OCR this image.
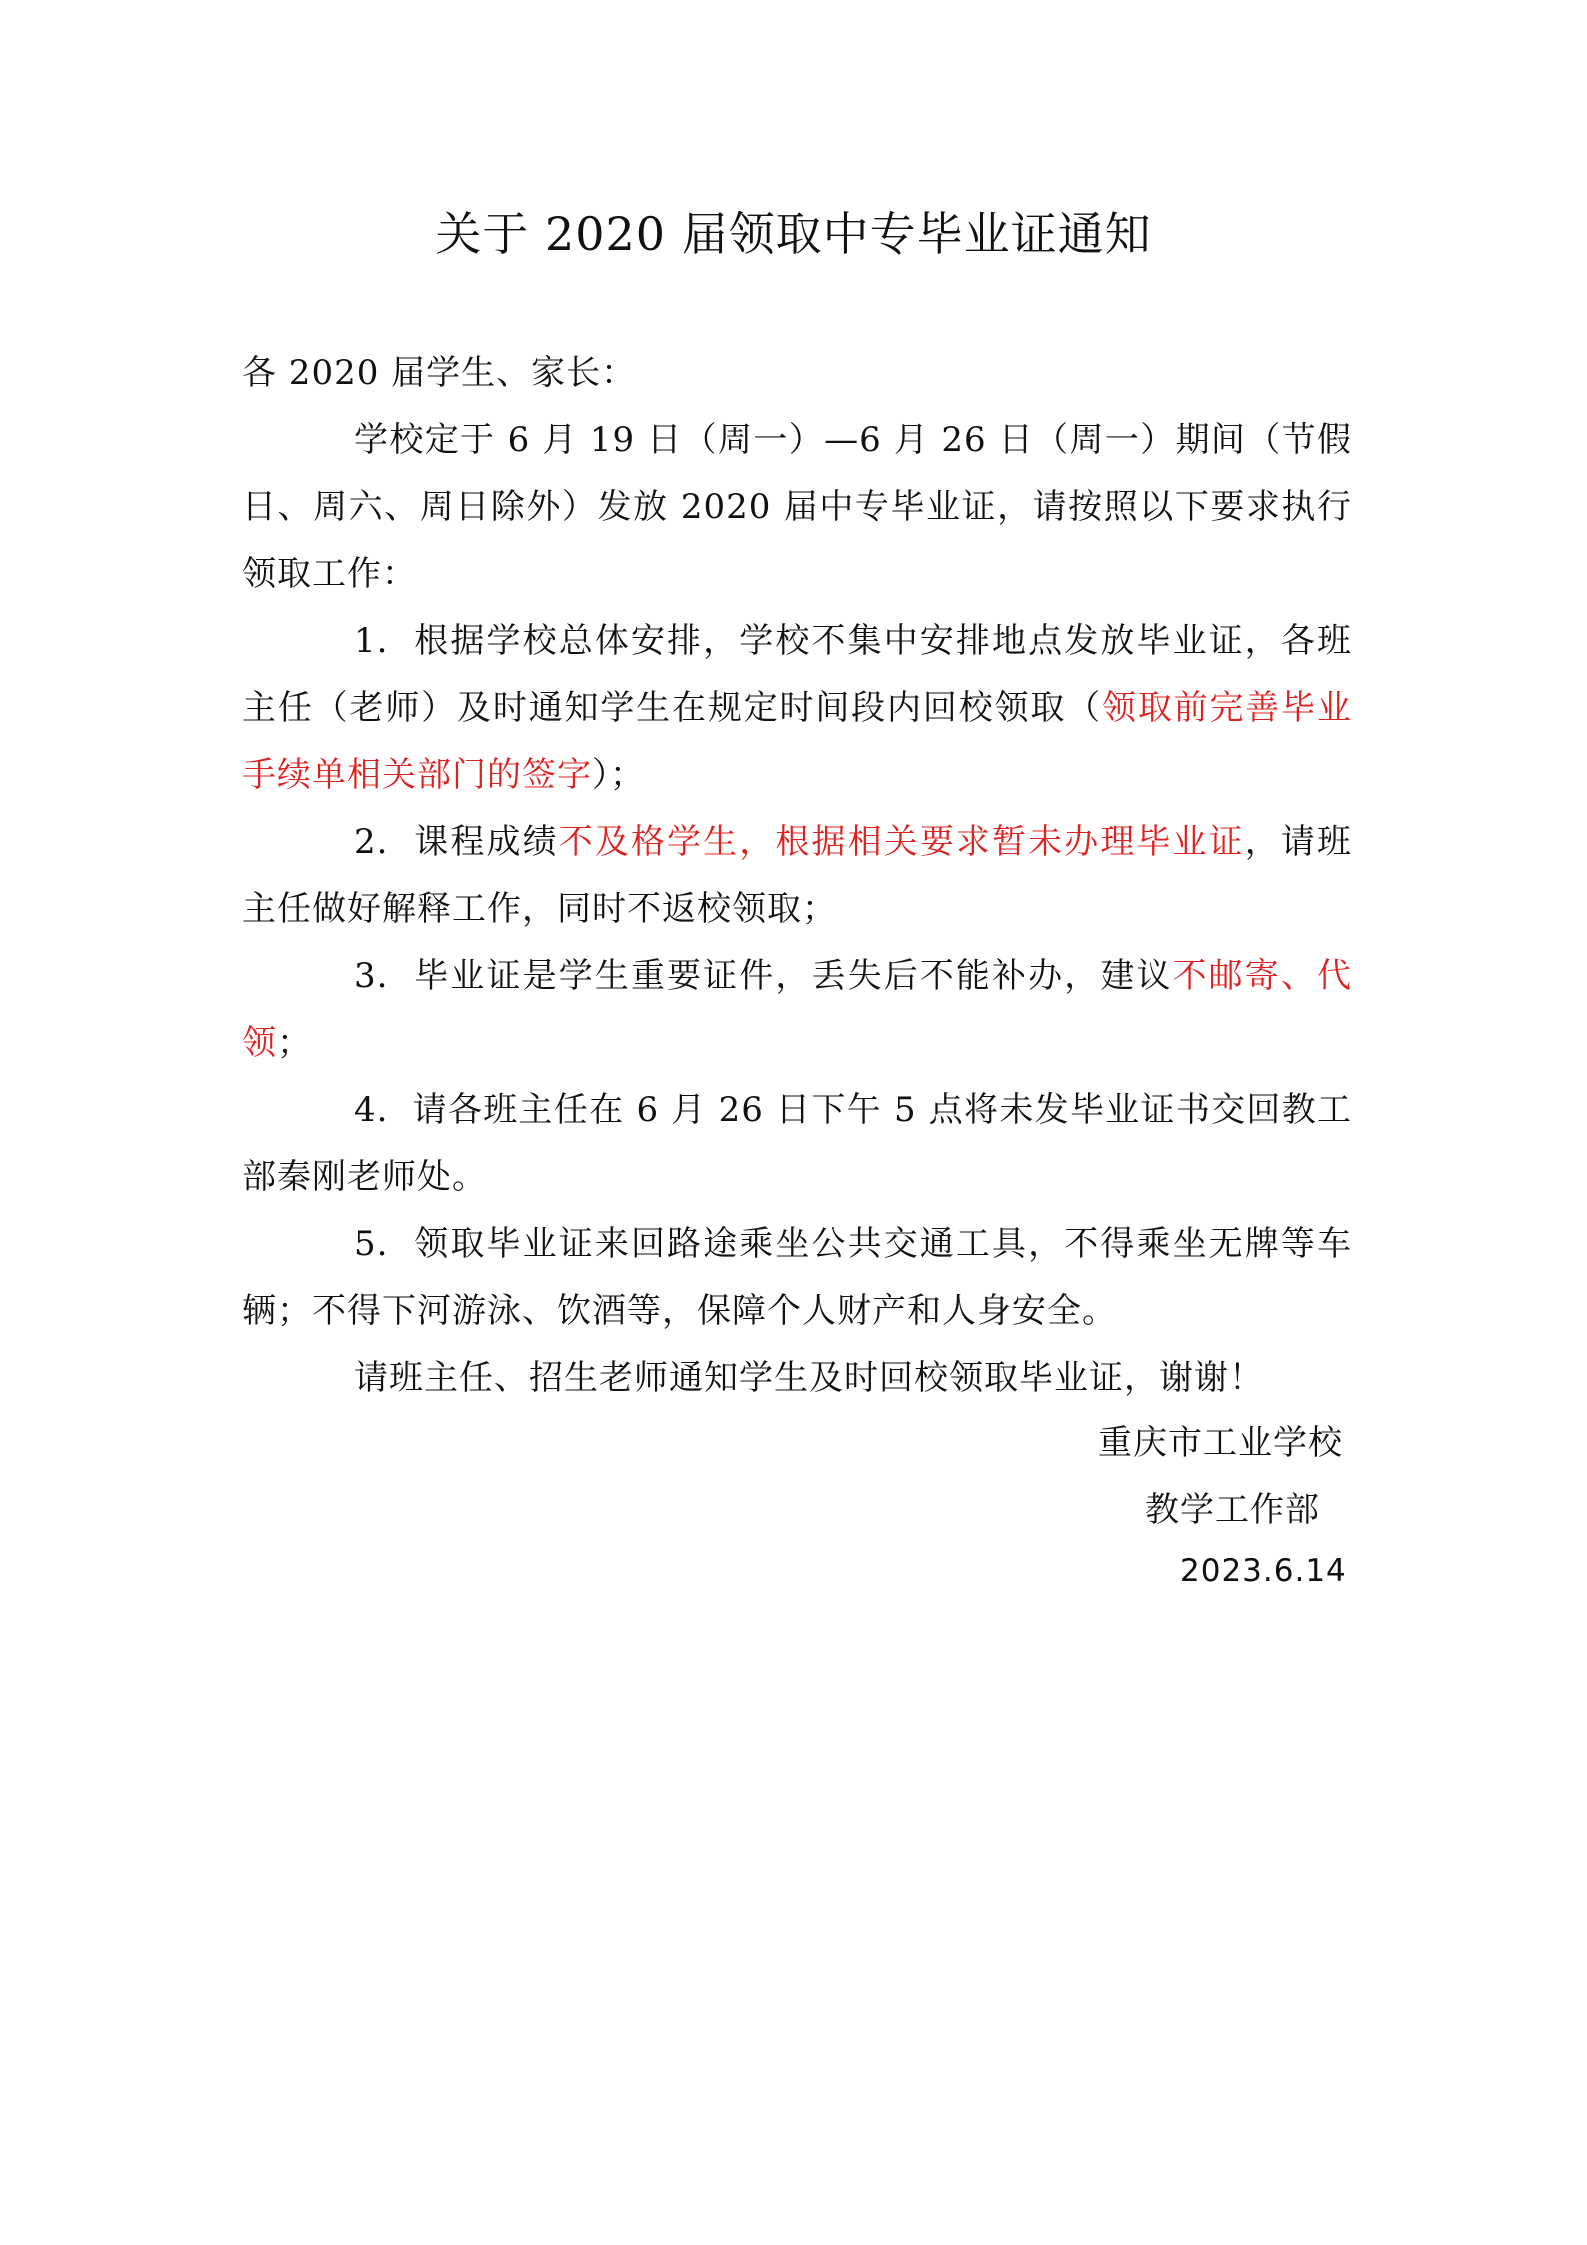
关于 2020 届领取中专毕业证通知

各 2020 届学生、家长：

学校定于 6 月 19 日（周一）—6 月 26 日（周一）期间（节假日、周六、周日除外）发放 2020 届中专毕业证，请按照以下要求执行领取工作：

1. 根据学校总体安排，学校不集中安排地点发放毕业证，各班主任（老师）及时通知学生在规定时间段内回校领取（领取前完善毕业手续单相关部门的签字）；

2. 课程成绩不及格学生，根据相关要求暂未办理毕业证，请班主任做好解释工作，同时不返校领取；

3. 毕业证是学生重要证件，丢失后不能补办，建议不邮寄、代领；

4. 请各班主任在 6 月 26 日下午 5 点将未发毕业证书交回教工部秦刚老师处。

5. 领取毕业证来回路途乘坐公共交通工具，不得乘坐无牌等车辆；不得下河游泳、饮酒等，保障个人财产和人身安全。

请班主任、招生老师通知学生及时回校领取毕业证，谢谢！

重庆市工业学校
教学工作部
2023.6.14
